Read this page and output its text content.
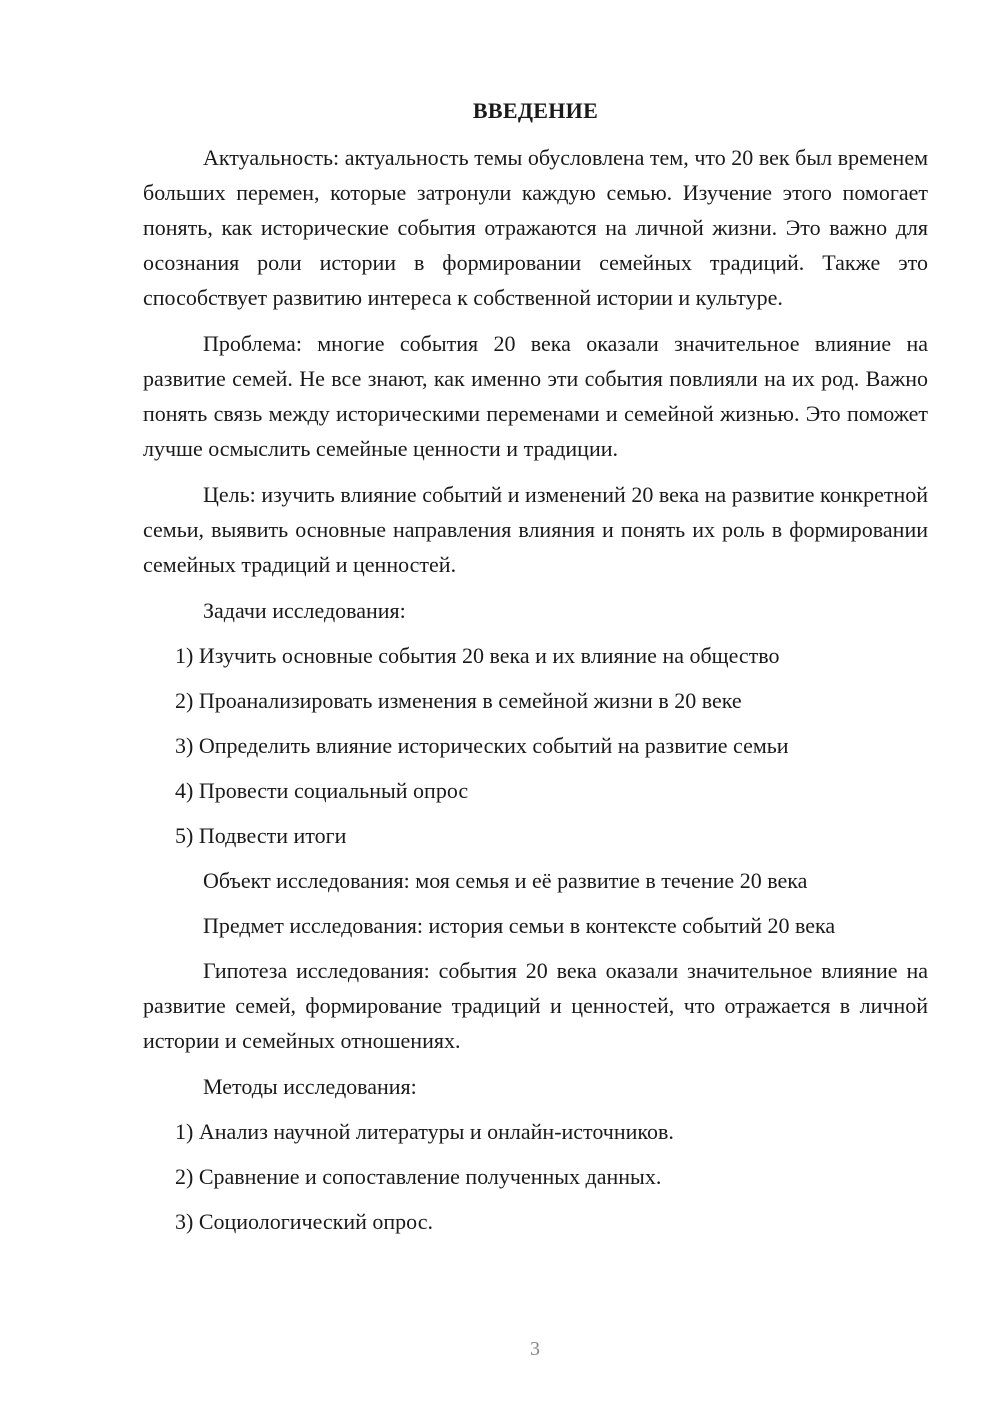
ВВЕДЕНИЕ

Актуальность: актуальность темы обусловлена тем, что 20 век был временем больших перемен, которые затронули каждую семью. Изучение этого помогает понять, как исторические события отражаются на личной жизни. Это важно для осознания роли истории в формировании семейных традиций. Также это способствует развитию интереса к собственной истории и культуре.

Проблема: многие события 20 века оказали значительное влияние на развитие семей. Не все знают, как именно эти события повлияли на их род. Важно понять связь между историческими переменами и семейной жизнью. Это поможет лучше осмыслить семейные ценности и традиции.

Цель: изучить влияние событий и изменений 20 века на развитие конкретной семьи, выявить основные направления влияния и понять их роль в формировании семейных традиций и ценностей.

Задачи исследования:
1) Изучить основные события 20 века и их влияние на общество
2) Проанализировать изменения в семейной жизни в 20 веке
3) Определить влияние исторических событий на развитие семьи
4) Провести социальный опрос
5) Подвести итоги
Объект исследования: моя семья и её развитие в течение 20 века
Предмет исследования: история семьи в контексте событий 20 века

Гипотеза исследования: события 20 века оказали значительное влияние на развитие семей, формирование традиций и ценностей, что отражается в личной истории и семейных отношениях.

Методы исследования:
1) Анализ научной литературы и онлайн-источников.
2) Сравнение и сопоставление полученных данных.
3) Социологический опрос.
3
